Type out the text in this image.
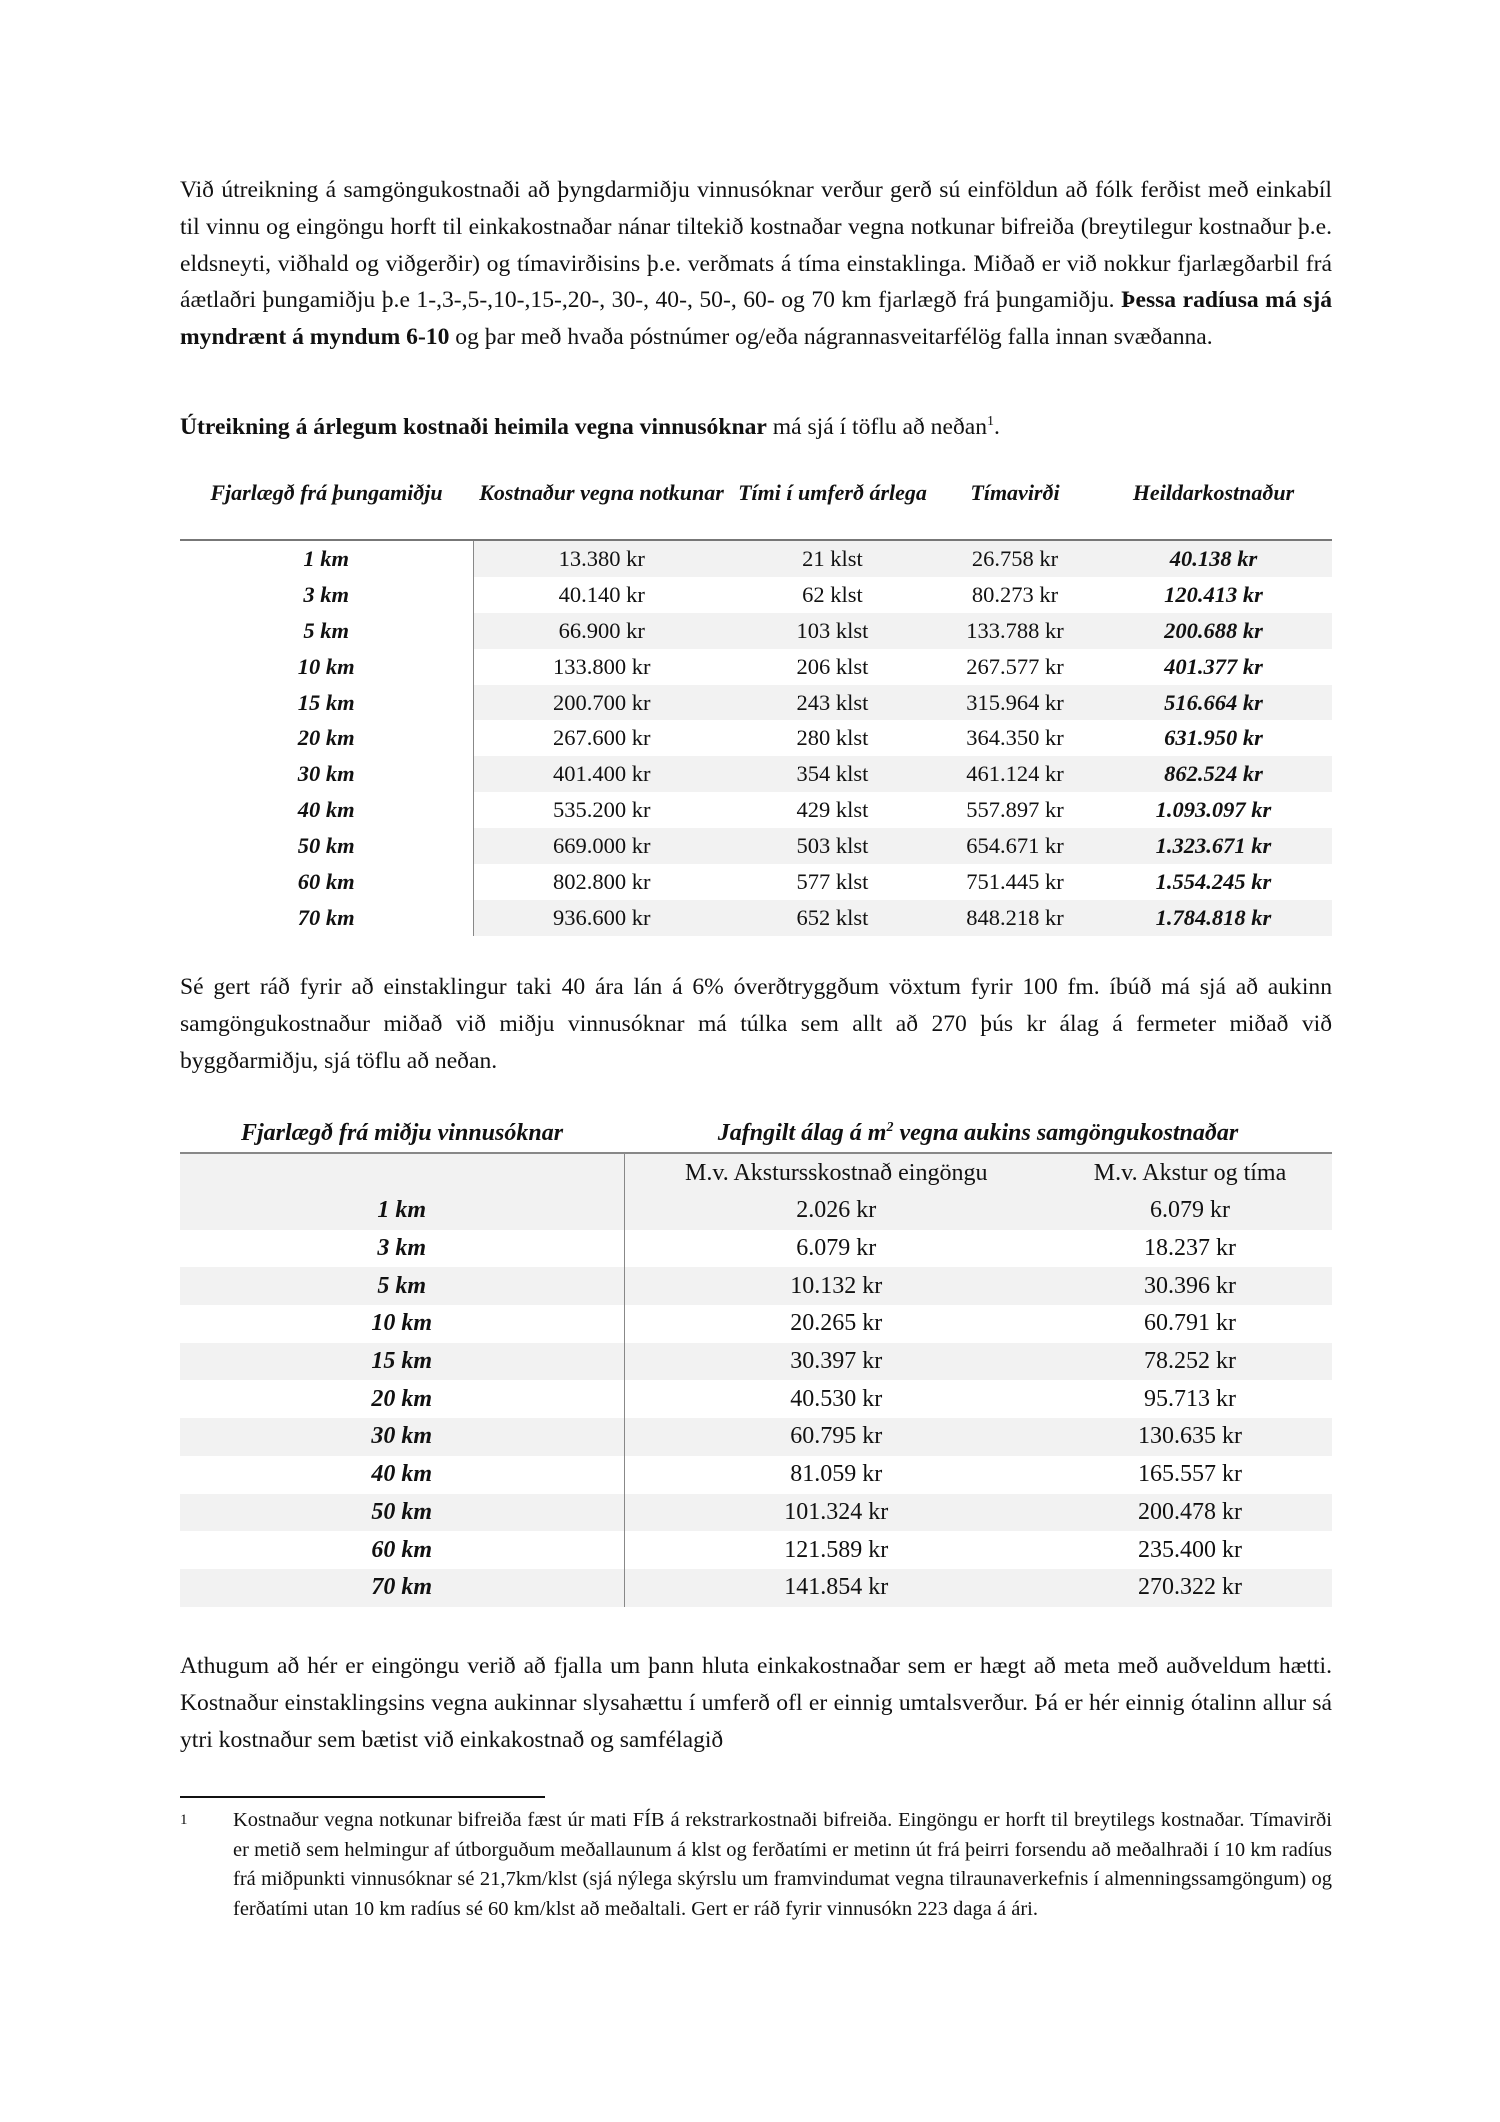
Við útreikning á samgöngukostnaði að þyngdarmiðju vinnusóknar verður gerð sú einföldun að fólk ferðist með einkabíl til vinnu og eingöngu horft til einkakostnaðar nánar tiltekið kostnaðar vegna notkunar bifreiða (breytilegur kostnaður þ.e. eldsneyti, viðhald og viðgerðir) og tímavirðisins þ.e. verðmats á tíma einstaklinga. Miðað er við nokkur fjarlægðarbil frá áætlaðri þungamiðju þ.e 1-,3-,5-,10-,15-,20-, 30-, 40-, 50-, 60- og 70 km fjarlægð frá þungamiðju. Þessa radíusa má sjá myndrænt á myndum 6-10 og þar með hvaða póstnúmer og/eða nágrannasveitarfélög falla innan svæðanna.
Útreikning á árlegum kostnaði heimila vegna vinnusóknar má sjá í töflu að neðan$^1$.
Fjarlægð frá þungamiðju	Kostnaður vegna notkunar	Tími í umferð árlega	Tímavirði	Heildarkostnaður
1 km	13.380 kr	21 klst	26.758 kr	40.138 kr
3 km	40.140 kr	62 klst	80.273 kr	120.413 kr
5 km	66.900 kr	103 klst	133.788 kr	200.688 kr
10 km	133.800 kr	206 klst	267.577 kr	401.377 kr
15 km	200.700 kr	243 klst	315.964 kr	516.664 kr
20 km	267.600 kr	280 klst	364.350 kr	631.950 kr
30 km	401.400 kr	354 klst	461.124 kr	862.524 kr
40 km	535.200 kr	429 klst	557.897 kr	1.093.097 kr
50 km	669.000 kr	503 klst	654.671 kr	1.323.671 kr
60 km	802.800 kr	577 klst	751.445 kr	1.554.245 kr
70 km	936.600 kr	652 klst	848.218 kr	1.784.818 kr
Sé gert ráð fyrir að einstaklingur taki 40 ára lán á 6% óverðtryggðum vöxtum fyrir 100 fm. íbúð má sjá að aukinn samgöngukostnaður miðað við miðju vinnusóknar má túlka sem allt að 270 þús kr álag á fermeter miðað við byggðarmiðju, sjá töflu að neðan.
Fjarlægð frá miðju vinnusóknar	Jafngilt álag á $m^2$ vegna aukins samgöngukostnaðar	
	M.v. Akstursskostnað eingöngu	M.v. Akstur og tíma
1 km	2.026 kr	6.079 kr
3 km	6.079 kr	18.237 kr
5 km	10.132 kr	30.396 kr
10 km	20.265 kr	60.791 kr
15 km	30.397 kr	78.252 kr
20 km	40.530 kr	95.713 kr
30 km	60.795 kr	130.635 kr
40 km	81.059 kr	165.557 kr
50 km	101.324 kr	200.478 kr
60 km	121.589 kr	235.400 kr
70 km	141.854 kr	270.322 kr
Athugum að hér er eingöngu verið að fjalla um þann hluta einkakostnaðar sem er hægt að meta með auðveldum hætti. Kostnaður einstaklingsins vegna aukinnar slysahættu í umferð ofl er einnig umtalsverður. Þá er hér einnig ótalinn allur sá ytri kostnaður sem bætist við einkakostnað og samfélagið
1 Kostnaður vegna notkunar bifreiða fæst úr mati FÍB á rekstrarkostnaði bifreiða. Eingöngu er horft til breytilegs kostnaðar. Tímavirði er metið sem helmingur af útborguðum meðallaunum á klst og ferðatími er metinn út frá þeirri forsendu að meðalhraði í 10 km radíus frá miðpunkti vinnusóknar sé 21,7km/klst (sjá nýlega skýrslu um framvindumat vegna tilraunaverkefnis í almenningssamgöngum) og ferðatími utan 10 km radíus sé 60 km/klst að meðaltali. Gert er ráð fyrir vinnusókn 223 daga á ári.
